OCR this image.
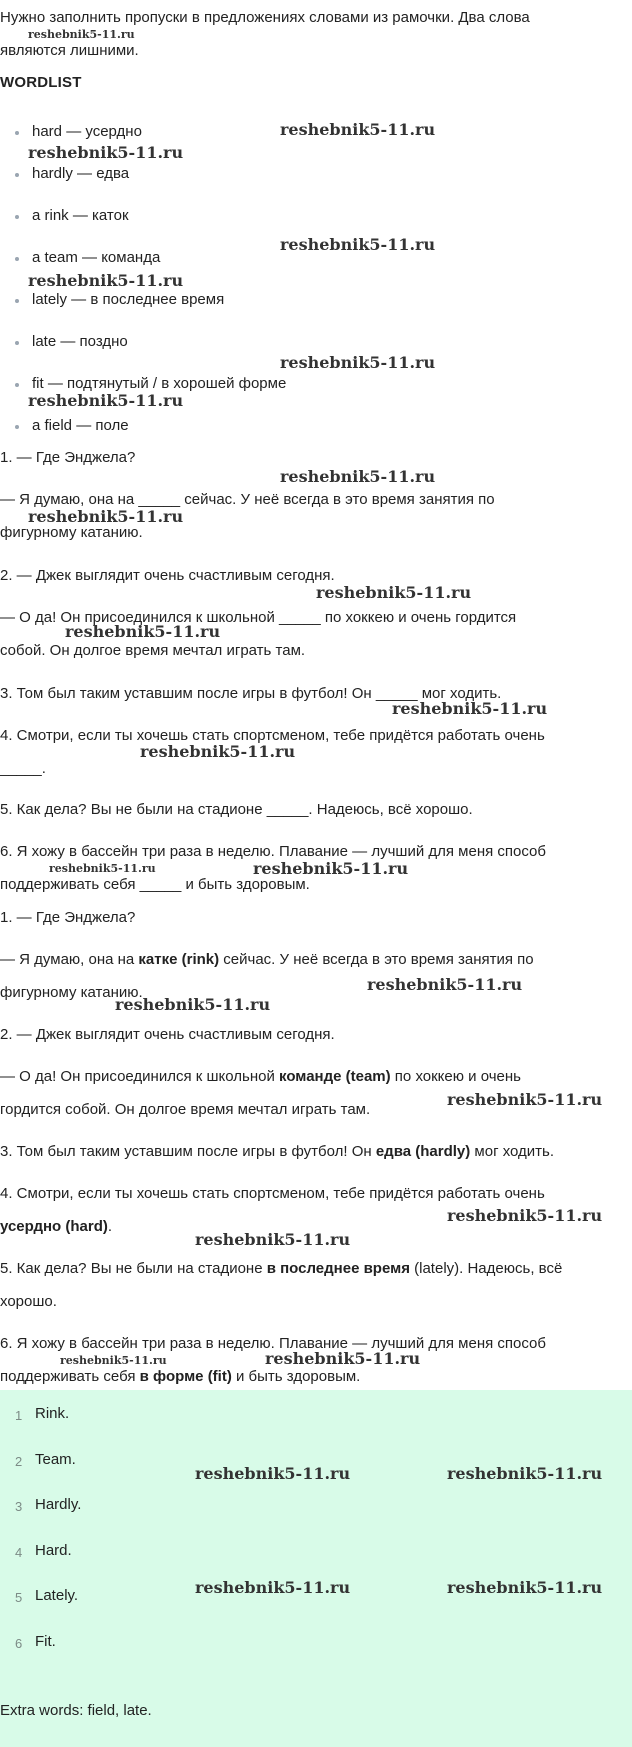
Нужно заполнить пропуски в предложениях словами из рамочки. Два слова
являются лишними.
WORDLIST
hard — усердно
hardly — едва
a rink — каток
a team — команда
lately — в последнее время
late — поздно
fit — подтянутый / в хорошей форме
a field — поле
1. — Где Энджела?
— Я думаю, она на _____ сейчас. У неё всегда в это время занятия по
фигурному катанию.
2. — Джек выглядит очень счастливым сегодня.
— О да! Он присоединился к школьной _____ по хоккею и очень гордится
собой. Он долгое время мечтал играть там.
3. Том был таким уставшим после игры в футбол! Он _____ мог ходить.
4. Смотри, если ты хочешь стать спортсменом, тебе придётся работать очень
_____.
5. Как дела? Вы не были на стадионе _____. Надеюсь, всё хорошо.
6. Я хожу в бассейн три раза в неделю. Плавание — лучший для меня способ
поддерживать себя _____ и быть здоровым.
1. — Где Энджела?
— Я думаю, она на катке (rink) сейчас. У неё всегда в это время занятия по
фигурному катанию.
2. — Джек выглядит очень счастливым сегодня.
— О да! Он присоединился к школьной команде (team) по хоккею и очень
гордится собой. Он долгое время мечтал играть там.
3. Том был таким уставшим после игры в футбол! Он едва (hardly) мог ходить.
4. Смотри, если ты хочешь стать спортсменом, тебе придётся работать очень
усердно (hard).
5. Как дела? Вы не были на стадионе в последнее время (lately). Надеюсь, всё
хорошо.
6. Я хожу в бассейн три раза в неделю. Плавание — лучший для меня способ
поддерживать себя в форме (fit) и быть здоровым.
1 Rink.
2 Team.
3 Hardly.
4 Hard.
5 Lately.
6 Fit.
Extra words: field, late.
reshebnik5-11.ru
reshebnik5-11.ru
reshebnik5-11.ru
reshebnik5-11.ru
reshebnik5-11.ru
reshebnik5-11.ru
reshebnik5-11.ru
reshebnik5-11.ru
reshebnik5-11.ru
reshebnik5-11.ru
reshebnik5-11.ru
reshebnik5-11.ru
reshebnik5-11.ru
reshebnik5-11.ru	reshebnik5-11.ru
reshebnik5-11.ru
reshebnik5-11.ru
reshebnik5-11.ru
reshebnik5-11.ru
reshebnik5-11.ru
reshebnik5-11.ru	reshebnik5-11.ru
reshebnik5-11.ru	reshebnik5-11.ru
reshebnik5-11.ru	reshebnik5-11.ru
